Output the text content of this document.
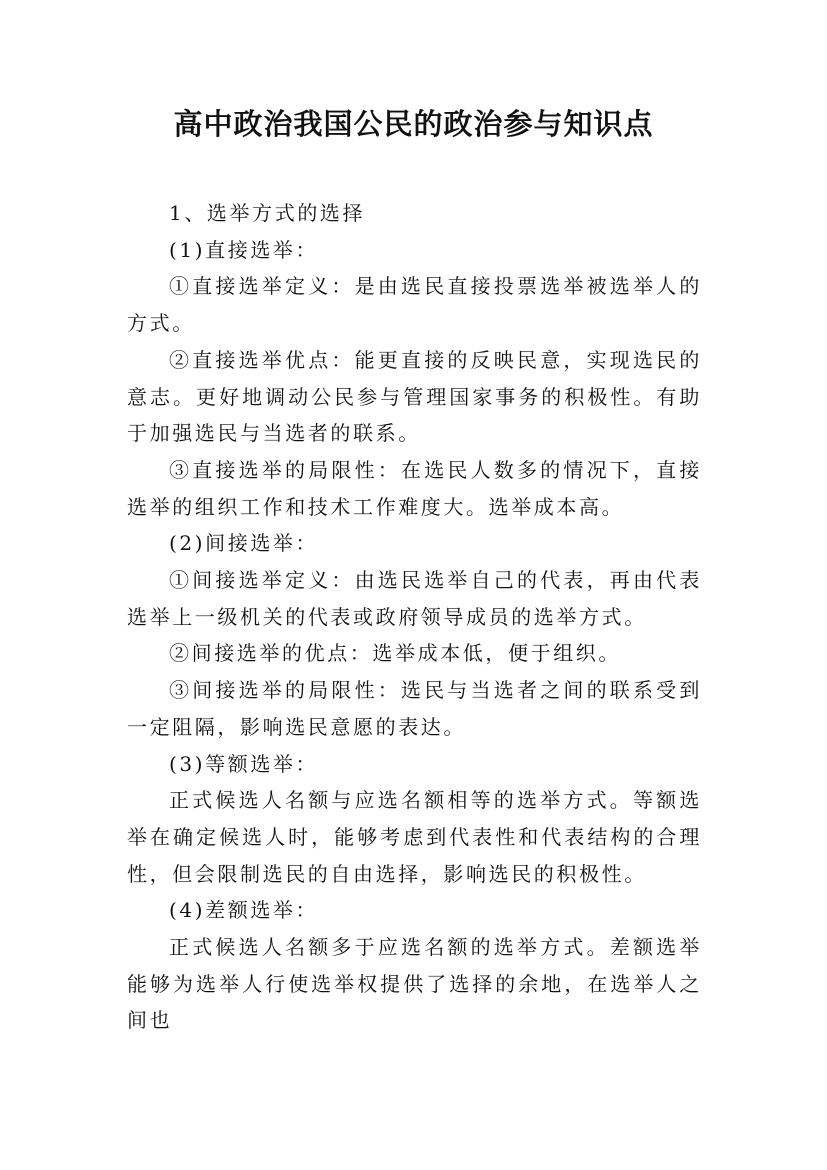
高中政治我国公民的政治参与知识点

1、选举方式的选择

(1)直接选举：

①直接选举定义：是由选民直接投票选举被选举人的方式。

②直接选举优点：能更直接的反映民意，实现选民的意志。更好地调动公民参与管理国家事务的积极性。有助于加强选民与当选者的联系。

③直接选举的局限性：在选民人数多的情况下，直接选举的组织工作和技术工作难度大。选举成本高。

(2)间接选举：

①间接选举定义：由选民选举自己的代表，再由代表选举上一级机关的代表或政府领导成员的选举方式。

②间接选举的优点：选举成本低，便于组织。

③间接选举的局限性：选民与当选者之间的联系受到一定阻隔，影响选民意愿的表达。

(3)等额选举：

正式候选人名额与应选名额相等的选举方式。等额选举在确定候选人时，能够考虑到代表性和代表结构的合理性，但会限制选民的自由选择，影响选民的积极性。

(4)差额选举：

正式候选人名额多于应选名额的选举方式。差额选举能够为选举人行使选举权提供了选择的余地，在选举人之间也
